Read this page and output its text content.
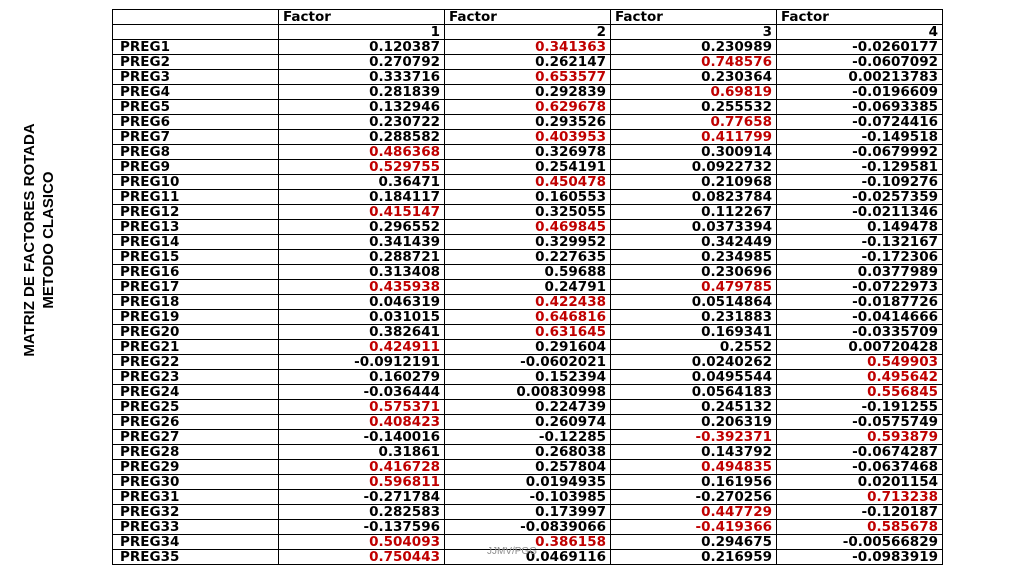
MATRIZ DE FACTORES ROTADA METODO CLASICO
	Factor	Factor	Factor	Factor
	1	2	3	4
PREG1	0.120387	0.341363	0.230989	-0.0260177
PREG2	0.270792	0.262147	0.748576	-0.0607092
PREG3	0.333716	0.653577	0.230364	0.00213783
PREG4	0.281839	0.292839	0.69819	-0.0196609
PREG5	0.132946	0.629678	0.255532	-0.0693385
PREG6	0.230722	0.293526	0.77658	-0.0724416
PREG7	0.288582	0.403953	0.411799	-0.149518
PREG8	0.486368	0.326978	0.300914	-0.0679992
PREG9	0.529755	0.254191	0.0922732	-0.129581
PREG10	0.36471	0.450478	0.210968	-0.109276
PREG11	0.184117	0.160553	0.0823784	-0.0257359
PREG12	0.415147	0.325055	0.112267	-0.0211346
PREG13	0.296552	0.469845	0.0373394	0.149478
PREG14	0.341439	0.329952	0.342449	-0.132167
PREG15	0.288721	0.227635	0.234985	-0.172306
PREG16	0.313408	0.59688	0.230696	0.0377989
PREG17	0.435938	0.24791	0.479785	-0.0722973
PREG18	0.046319	0.422438	0.0514864	-0.0187726
PREG19	0.031015	0.646816	0.231883	-0.0414666
PREG20	0.382641	0.631645	0.169341	-0.0335709
PREG21	0.424911	0.291604	0.2552	0.00720428
PREG22	-0.0912191	-0.0602021	0.0240262	0.549903
PREG23	0.160279	0.152394	0.0495544	0.495642
PREG24	-0.036444	0.00830998	0.0564183	0.556845
PREG25	0.575371	0.224739	0.245132	-0.191255
PREG26	0.408423	0.260974	0.206319	-0.0575749
PREG27	-0.140016	-0.12285	-0.392371	0.593879
PREG28	0.31861	0.268038	0.143792	-0.0674287
PREG29	0.416728	0.257804	0.494835	-0.0637468
PREG30	0.596811	0.0194935	0.161956	0.0201154
PREG31	-0.271784	-0.103985	-0.270256	0.713238
PREG32	0.282583	0.173997	0.447729	-0.120187
PREG33	-0.137596	-0.0839066	-0.419366	0.585678
PREG34	0.504093	0.386158	0.294675	-0.00566829
PREG35	0.750443	0.0469116	0.216959	-0.0983919
JJMV/PGG
